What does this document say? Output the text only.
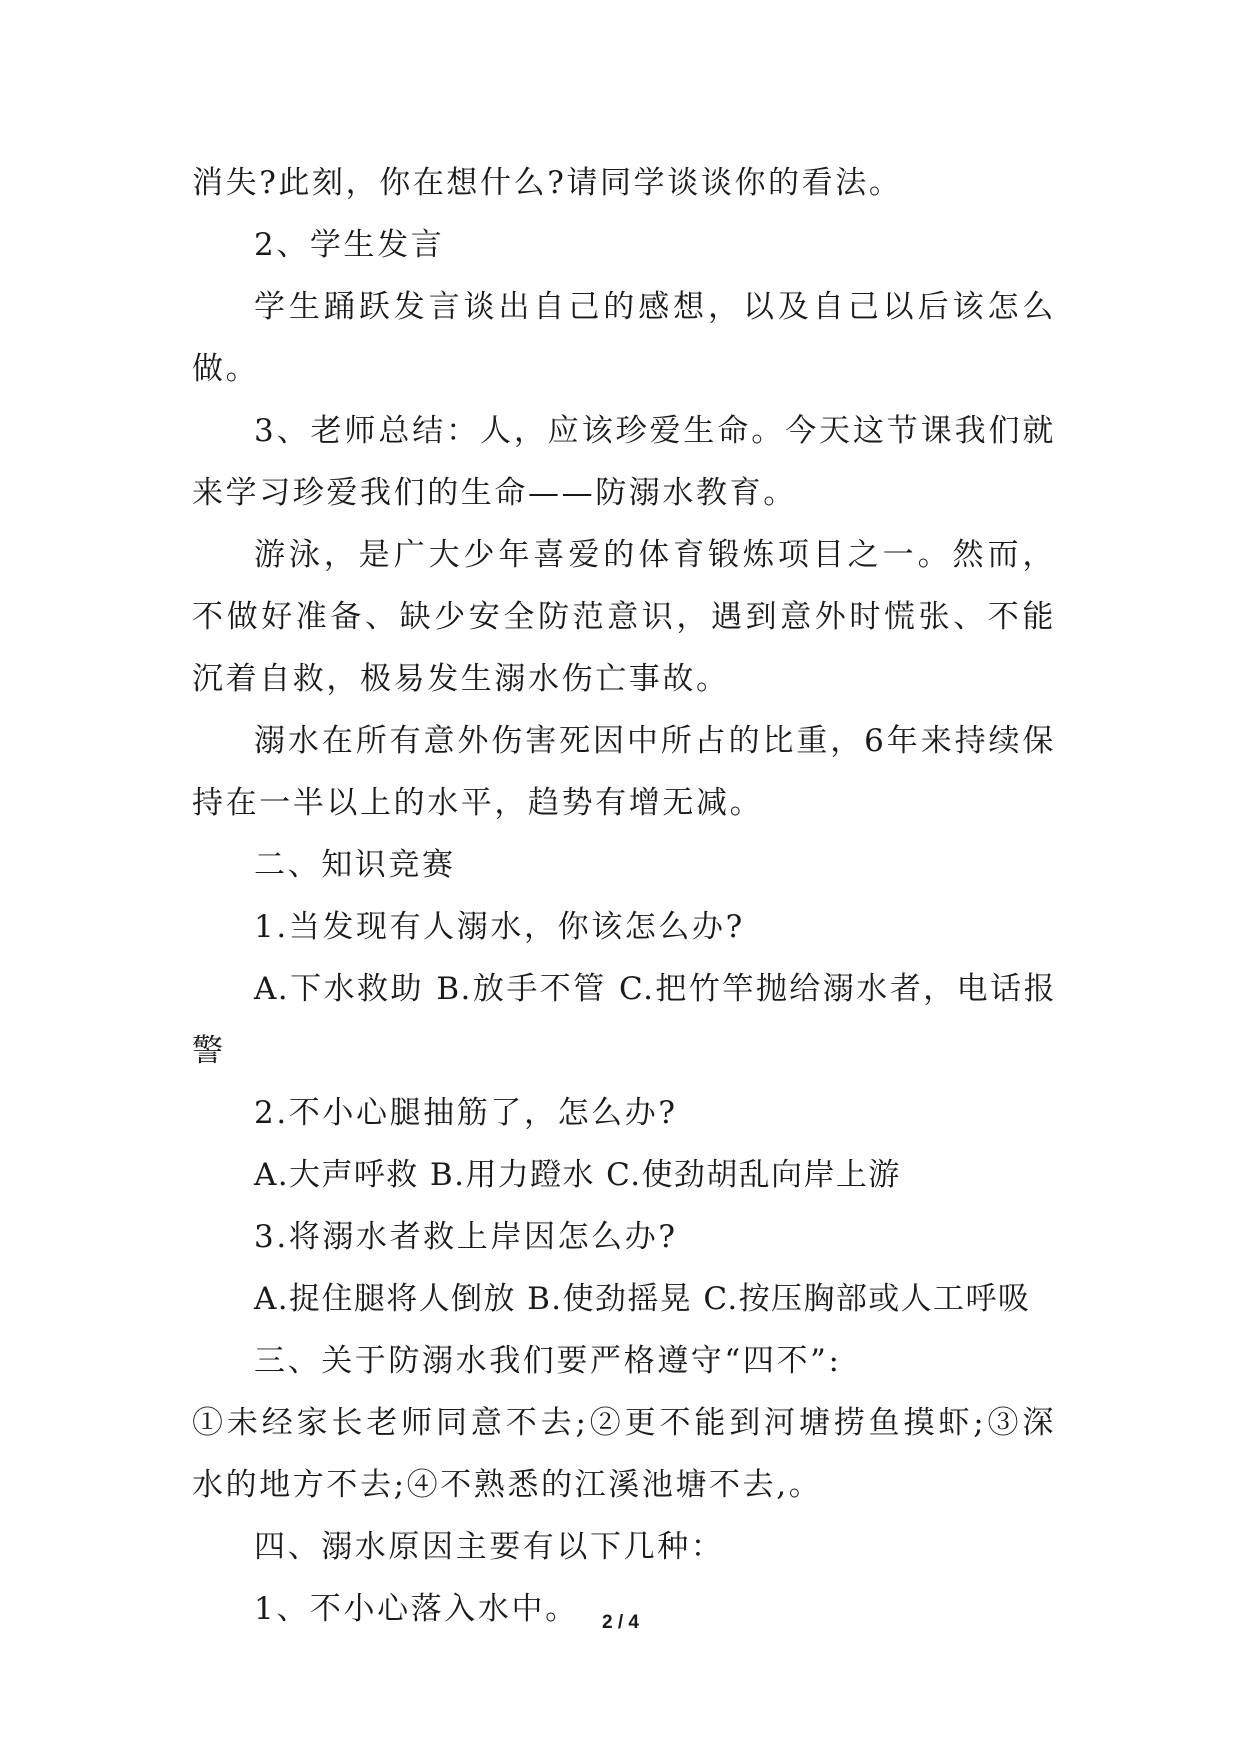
消失?此刻，你在想什么?请同学谈谈你的看法。

2、学生发言

学生踊跃发言谈出自己的感想，以及自己以后该怎么做。

3、老师总结：人，应该珍爱生命。今天这节课我们就来学习珍爱我们的生命——防溺水教育。

游泳，是广大少年喜爱的体育锻炼项目之一。然而，不做好准备、缺少安全防范意识，遇到意外时慌张、不能沉着自救，极易发生溺水伤亡事故。

溺水在所有意外伤害死因中所占的比重，6年来持续保持在一半以上的水平，趋势有增无减。

二、知识竞赛

1.当发现有人溺水，你该怎么办?

A.下水救助 B.放手不管 C.把竹竿抛给溺水者，电话报警

2.不小心腿抽筋了，怎么办?

A.大声呼救 B.用力蹬水 C.使劲胡乱向岸上游

3.将溺水者救上岸因怎么办?

A.捉住腿将人倒放 B.使劲摇晃 C.按压胸部或人工呼吸

三、关于防溺水我们要严格遵守“四不”:

①未经家长老师同意不去;②更不能到河塘捞鱼摸虾;③深水的地方不去;④不熟悉的江溪池塘不去,。

四、溺水原因主要有以下几种：

1、不小心落入水中。	2 / 4
